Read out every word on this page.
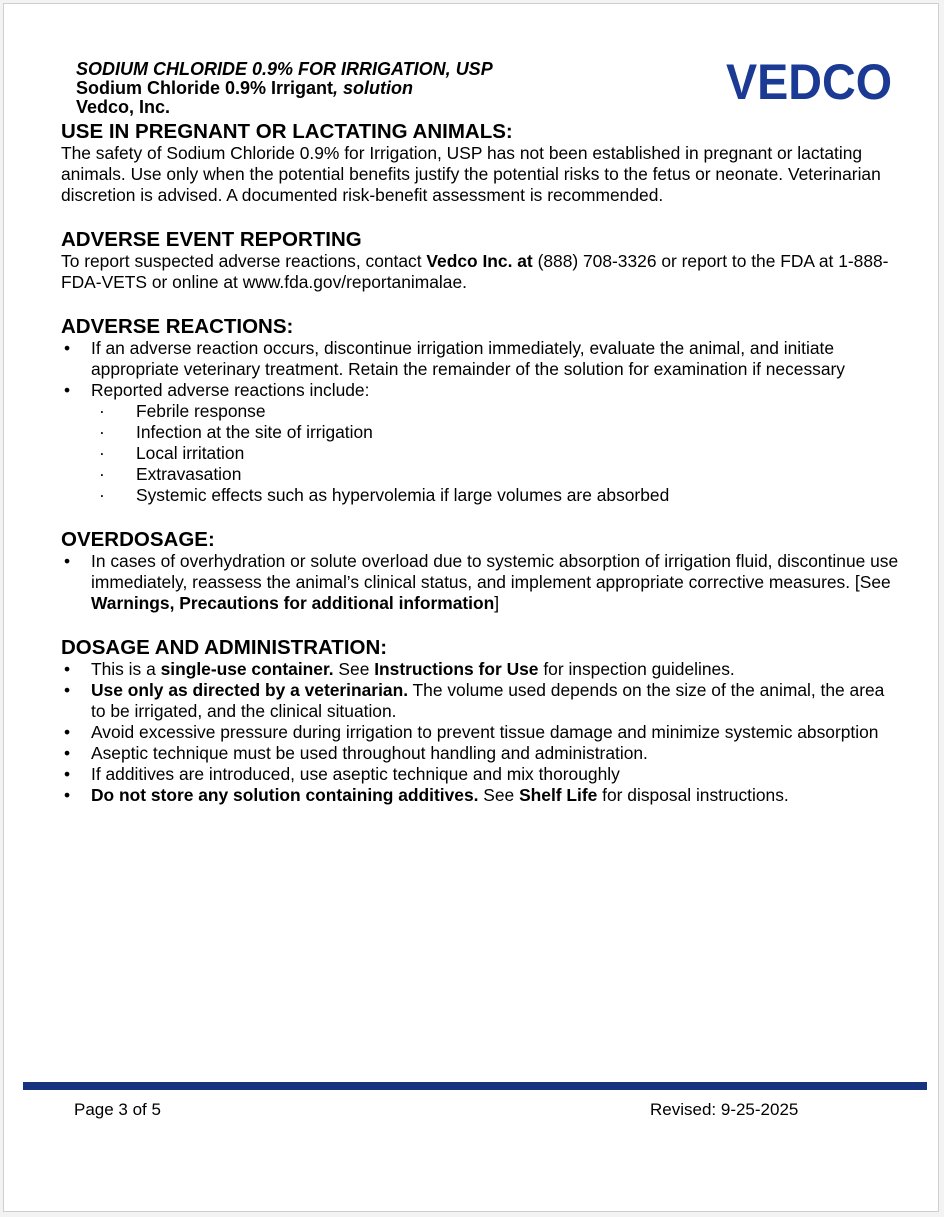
SODIUM CHLORIDE 0.9% FOR IRRIGATION, USP
Sodium Chloride 0.9% Irrigant, solution
Vedco, Inc.	VEDCO
USE IN PREGNANT OR LACTATING ANIMALS:

The safety of Sodium Chloride 0.9% for Irrigation, USP has not been established in pregnant or lactating animals. Use only when the potential benefits justify the potential risks to the fetus or neonate. Veterinarian discretion is advised. A documented risk-benefit assessment is recommended.

ADVERSE EVENT REPORTING

To report suspected adverse reactions, contact Vedco Inc. at (888) 708-3326 or report to the FDA at 1-888-FDA-VETS or online at www.fda.gov/reportanimalae.

ADVERSE REACTIONS:
• If an adverse reaction occurs, discontinue irrigation immediately, evaluate the animal, and initiate appropriate veterinary treatment. Retain the remainder of the solution for examination if necessary
• Reported adverse reactions include:
· Febrile response
· Infection at the site of irrigation
· Local irritation
· Extravasation
· Systemic effects such as hypervolemia if large volumes are absorbed
OVERDOSAGE:
• In cases of overhydration or solute overload due to systemic absorption of irrigation fluid, discontinue use immediately, reassess the animal’s clinical status, and implement appropriate corrective measures. [See Warnings, Precautions for additional information]
DOSAGE AND ADMINISTRATION:
• This is a single-use container. See Instructions for Use for inspection guidelines.
• Use only as directed by a veterinarian. The volume used depends on the size of the animal, the area to be irrigated, and the clinical situation.
• Avoid excessive pressure during irrigation to prevent tissue damage and minimize systemic absorption
• Aseptic technique must be used throughout handling and administration.
• If additives are introduced, use aseptic technique and mix thoroughly
• Do not store any solution containing additives. See Shelf Life for disposal instructions.
Page 3 of 5	Revised: 9-25-2025
